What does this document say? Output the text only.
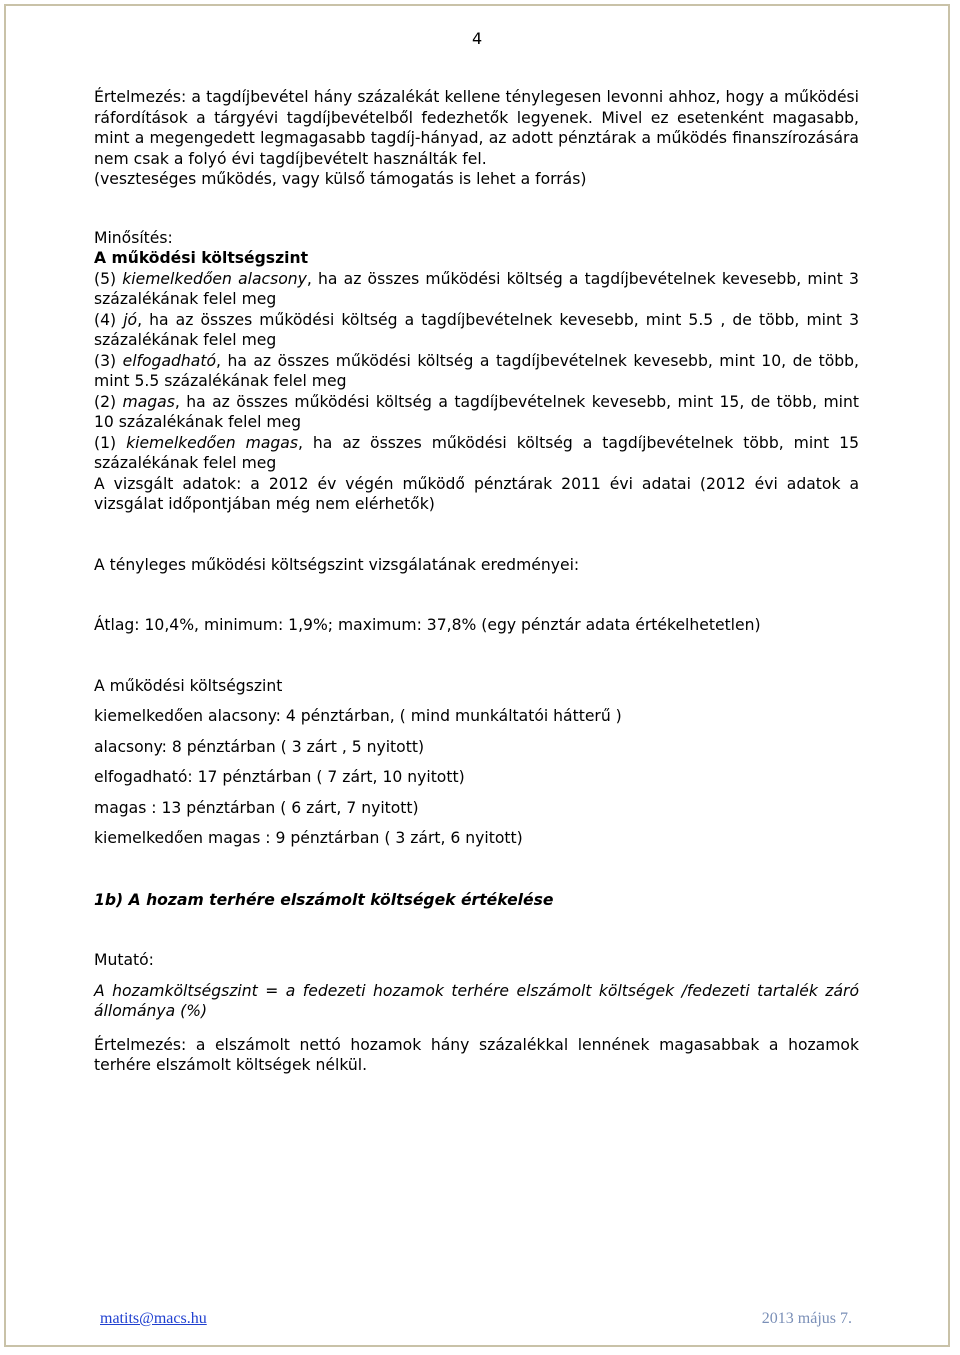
4

Értelmezés: a tagdíjbevétel hány százalékát kellene ténylegesen levonni ahhoz, hogy a működési ráfordítások a tárgyévi tagdíjbevételből fedezhetők legyenek. Mivel ez esetenként magasabb, mint a megengedett legmagasabb tagdíj-hányad, az adott pénztárak a működés finanszírozására nem csak a folyó évi tagdíjbevételt használták fel.

(veszteséges működés, vagy külső támogatás is lehet a forrás)

Minősítés:

A működési költségszint

(5) kiemelkedően alacsony, ha az összes működési költség a tagdíjbevételnek kevesebb, mint 3 százalékának felel meg

(4) jó, ha az összes működési költség a tagdíjbevételnek kevesebb, mint 5.5 , de több, mint 3 százalékának felel meg

(3) elfogadható, ha az összes működési költség a tagdíjbevételnek kevesebb, mint 10, de több, mint 5.5 százalékának felel meg

(2) magas, ha az összes működési költség a tagdíjbevételnek kevesebb, mint 15, de több, mint 10 százalékának felel meg

(1) kiemelkedően magas, ha az összes működési költség a tagdíjbevételnek több, mint 15 százalékának felel meg

A vizsgált adatok: a 2012 év végén működő pénztárak 2011 évi adatai (2012 évi adatok a vizsgálat időpontjában még nem elérhetők)

A tényleges működési költségszint vizsgálatának eredményei:

Átlag: 10,4%, minimum: 1,9%; maximum: 37,8% (egy pénztár adata értékelhetetlen)

A működési költségszint

kiemelkedően alacsony: 4 pénztárban, ( mind munkáltatói hátterű )

alacsony: 8 pénztárban ( 3 zárt , 5 nyitott)

elfogadható: 17 pénztárban ( 7 zárt, 10 nyitott)

magas : 13 pénztárban ( 6 zárt, 7 nyitott)

kiemelkedően magas : 9 pénztárban ( 3 zárt, 6 nyitott)

1b) A hozam terhére elszámolt költségek értékelése

Mutató:

A hozamköltségszint = a fedezeti hozamok terhére elszámolt költségek /fedezeti tartalék záró állománya (%)

Értelmezés: a elszámolt nettó hozamok hány százalékkal lennének magasabbak a hozamok terhére elszámolt költségek nélkül.

matits@macs.hu	2013 május 7.
